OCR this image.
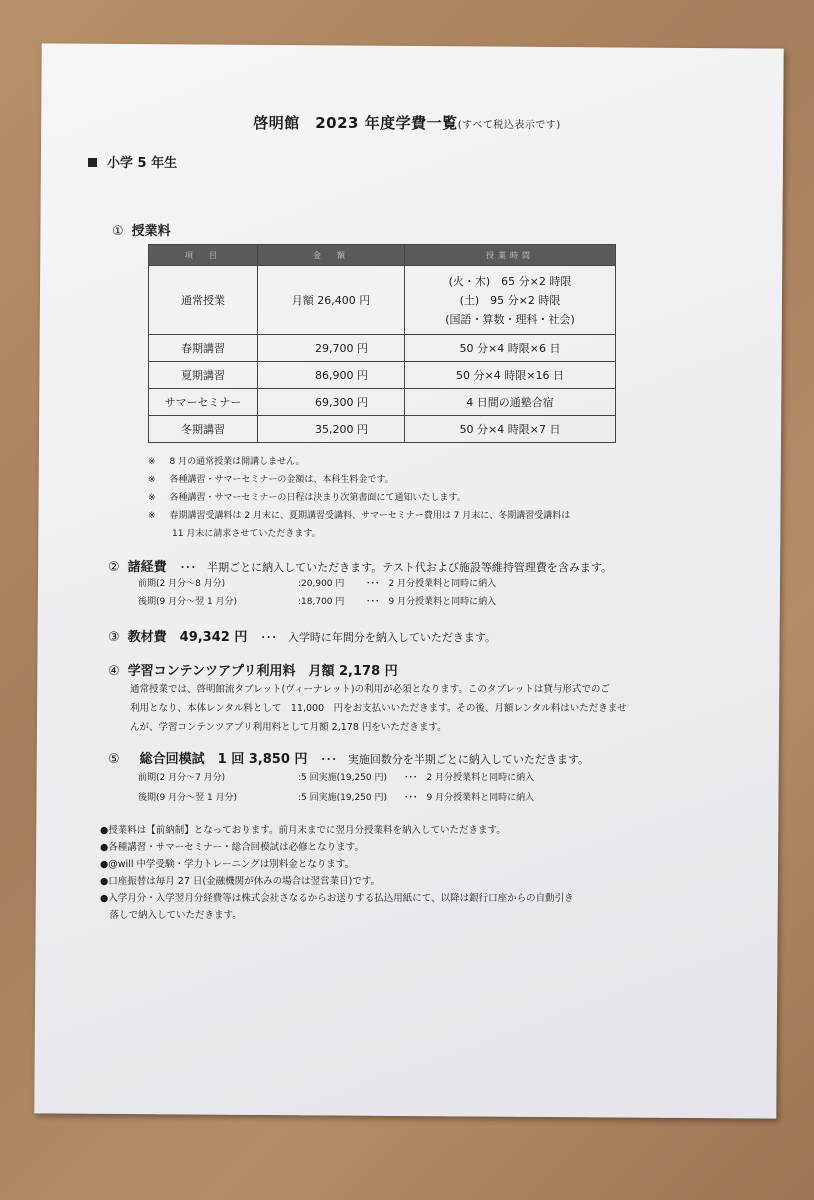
啓明館　2023 年度学費一覧(すべて税込表示です)
小学 5 年生
① 授業料
項　目	金　額	授業時間
通常授業	月額 26,400 円	(火・木)　65 分×2 時限
(土)　95 分×2 時限
(国語・算数・理科・社会)

春期講習	29,700 円	50 分×4 時限×6 日
夏期講習	86,900 円	50 分×4 時限×16 日
サマーセミナー	69,300 円	4 日間の通塾合宿
冬期講習	35,200 円	50 分×4 時限×7 日
※ 8 月の通常授業は開講しません。
※ 各種講習・サマーセミナーの金額は、本科生料金です。
※ 各種講習・サマーセミナーの日程は決まり次第書面にて通知いたします。
※ 春期講習受講料は 2 月末に、夏期講習受講料、サマーセミナー費用は 7 月末に、冬期講習受講料は
11 月末に請求させていただきます。
② 諸経費　 ･･･　半期ごとに納入していただきます。テスト代および施設等維持管理費を含みます。
前期(2 月分～8 月分)	:20,900 円 ･･･　2 月分授業料と同時に納入
後期(9 月分～翌 1 月分)	:18,700 円 ･･･　9 月分授業料と同時に納入
③ 教材費　49,342 円　 ･･･　入学時に年間分を納入していただきます。
④ 学習コンテンツアプリ利用料　月額 2,178 円
通常授業では、啓明館流タブレット(ヴィーナレット)の利用が必須となります。このタブレットは貸与形式でのご
利用となり、本体レンタル料として　11,000　円をお支払いいただきます。その後、月額レンタル料はいただきませ
んが、学習コンテンツアプリ利用料として月額 2,178 円をいただきます。
⑤ 総合回模試　1 回 3,850 円　 ･･･　実施回数分を半期ごとに納入していただきます。
前期(2 月分～7 月分)	:5 回実施(19,250 円) ･･･　2 月分授業料と同時に納入
後期(9 月分～翌 1 月分)	:5 回実施(19,250 円) ･･･　9 月分授業料と同時に納入
●授業料は【前納制】となっております。前月末までに翌月分授業料を納入していただきます。
●各種講習・サマーセミナー・総合回模試は必修となります。
●@will 中学受験・学力トレーニングは別料金となります。
●口座振替は毎月 27 日(金融機関が休みの場合は翌営業日)です。
●入学月分・入学翌月分経費等は株式会社さなるからお送りする払込用紙にて、以降は銀行口座からの自動引き
　落しで納入していただきます。
